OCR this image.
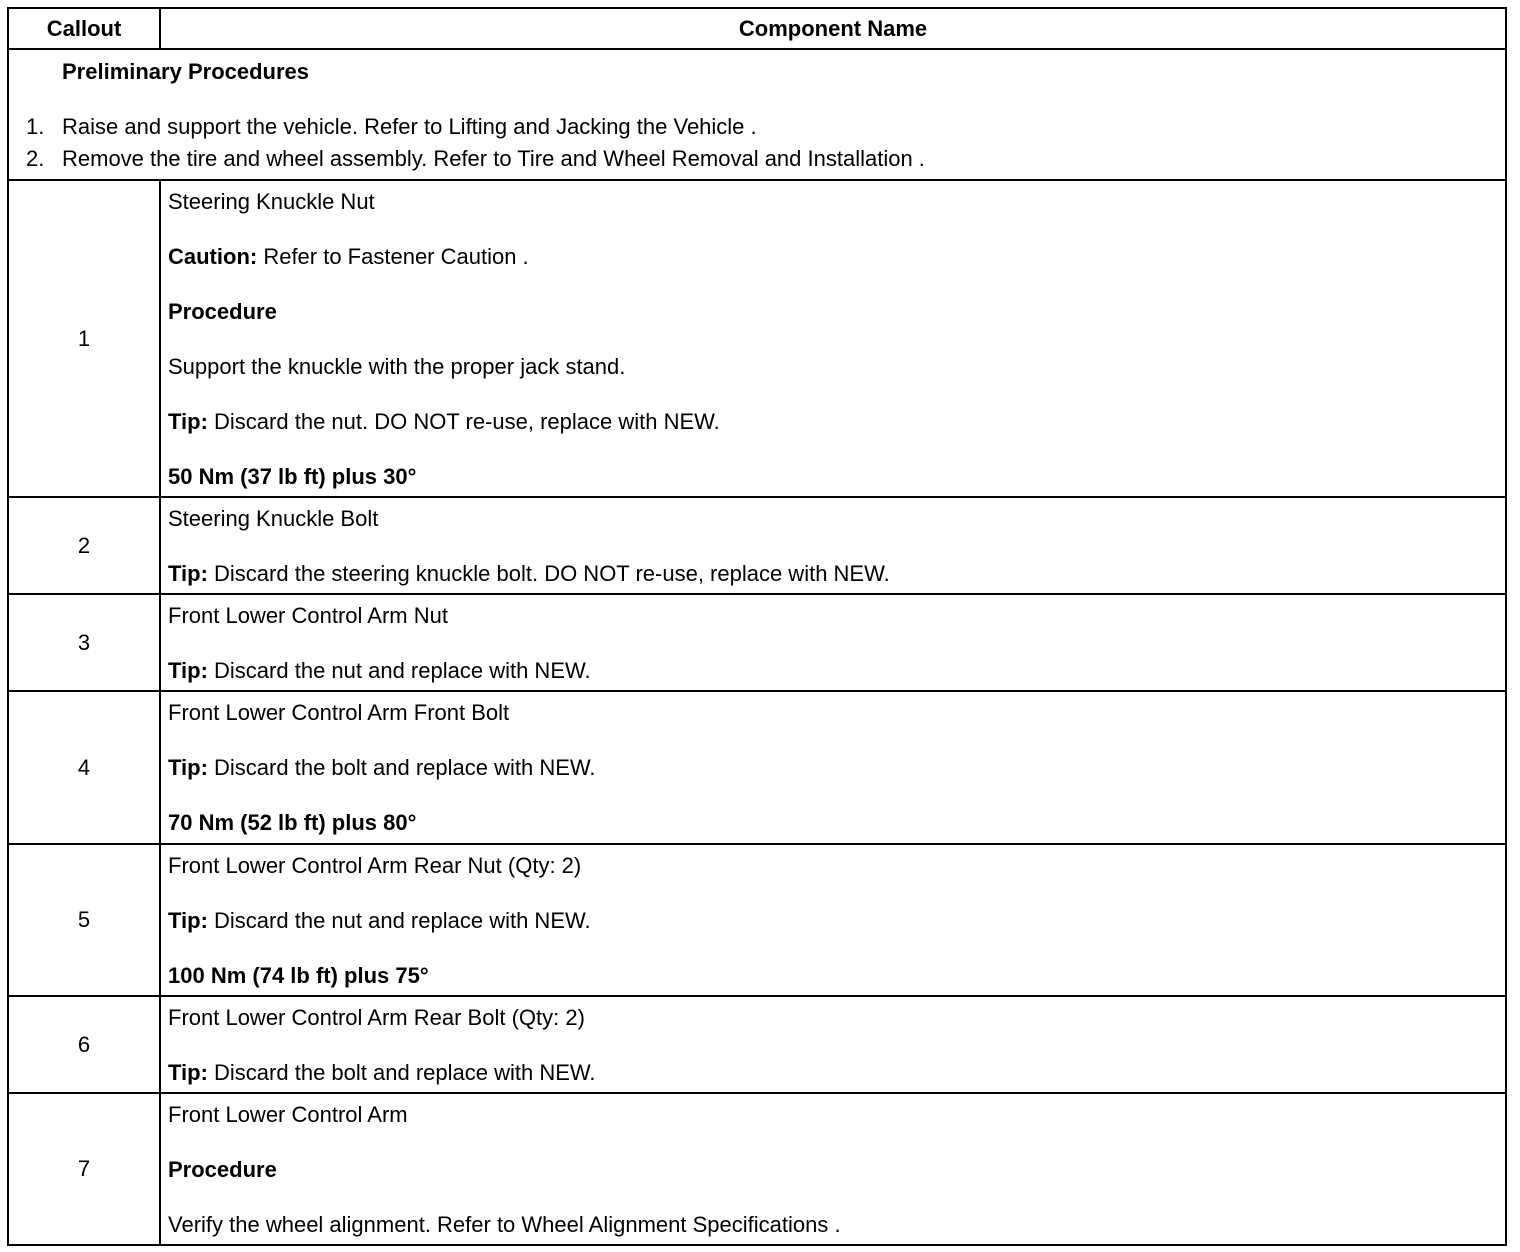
Callout	Component Name
Preliminary Procedures
1. Raise and support the vehicle. Refer to Lifting and Jacking the Vehicle .
2. Remove the tire and wheel assembly. Refer to Tire and Wheel Removal and Installation .
1
Steering Knuckle Nut
Caution: Refer to Fastener Caution .
Procedure
Support the knuckle with the proper jack stand.
Tip: Discard the nut. DO NOT re-use, replace with NEW.
50 Nm (37 lb ft) plus 30°
2
Steering Knuckle Bolt
Tip: Discard the steering knuckle bolt. DO NOT re-use, replace with NEW.
3
Front Lower Control Arm Nut
Tip: Discard the nut and replace with NEW.
4
Front Lower Control Arm Front Bolt
Tip: Discard the bolt and replace with NEW.
70 Nm (52 lb ft) plus 80°
5
Front Lower Control Arm Rear Nut (Qty: 2)
Tip: Discard the nut and replace with NEW.
100 Nm (74 lb ft) plus 75°
6
Front Lower Control Arm Rear Bolt (Qty: 2)
Tip: Discard the bolt and replace with NEW.
7
Front Lower Control Arm
Procedure
Verify the wheel alignment. Refer to Wheel Alignment Specifications .
